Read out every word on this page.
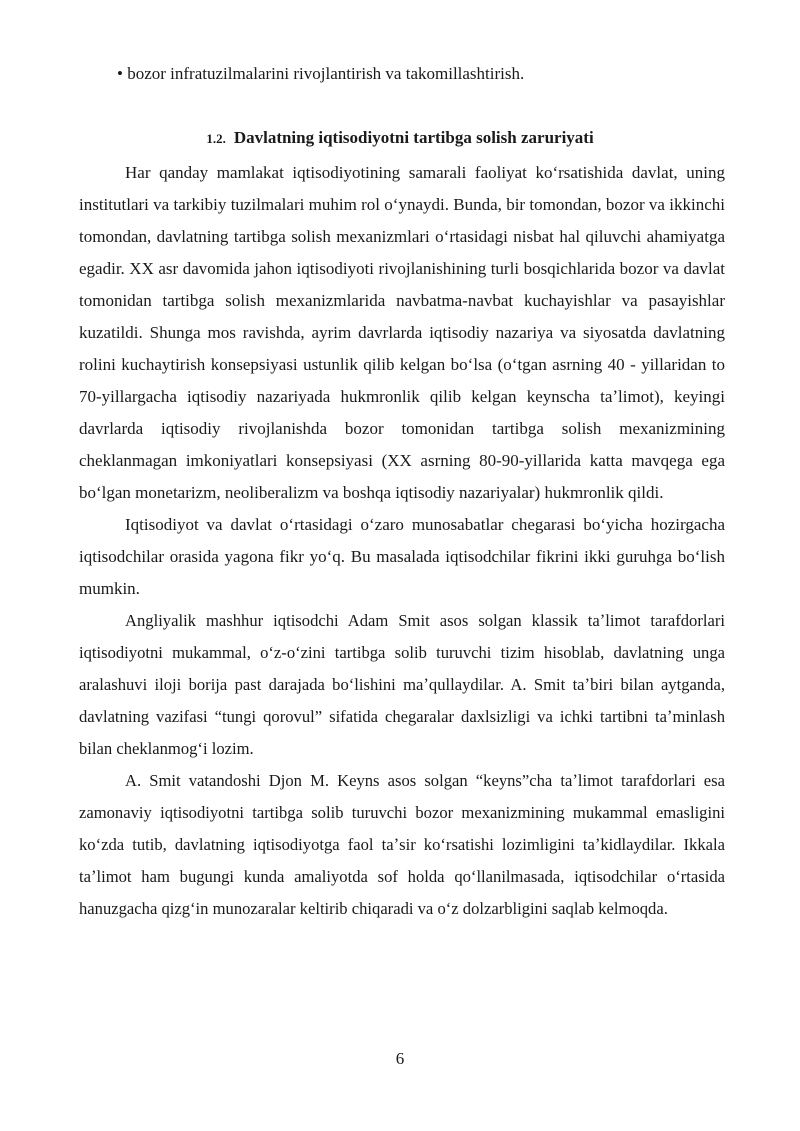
• bozor infratuzilmalarini rivojlantirish va takomillashtirish.
1.2. Davlatning iqtisodiyotni tartibga solish zaruriyati

Har qanday mamlakat iqtisodiyotining samarali faoliyat koʻrsatishida davlat, uning institutlari va tarkibiy tuzilmalari muhim rol oʻynaydi. Bunda, bir tomondan, bozor va ikkinchi tomondan, davlatning tartibga solish mexanizmlari oʻrtasidagi nisbat hal qiluvchi ahamiyatga egadir. XX asr davomida jahon iqtisodiyoti rivojlanishining turli bosqichlarida bozor va davlat tomonidan tartibga solish mexanizmlarida navbatma-navbat kuchayishlar va pasayishlar kuzatildi. Shunga mos ravishda, ayrim davrlarda iqtisodiy nazariya va siyosatda davlatning rolini kuchaytirish konsepsiyasi ustunlik qilib kelgan boʻlsa (oʻtgan asrning 40 - yillaridan to 70-yillargacha iqtisodiy nazariyada hukmronlik qilib kelgan keynscha taʼlimot), keyingi davrlarda iqtisodiy rivojlanishda bozor tomonidan tartibga solish mexanizmining cheklanmagan imkoniyatlari konsepsiyasi (XX asrning 80-90-yillarida katta mavqega ega boʻlgan monetarizm, neoliberalizm va boshqa iqtisodiy nazariyalar) hukmronlik qildi.

Iqtisodiyot va davlat oʻrtasidagi oʻzaro munosabatlar chegarasi boʻyicha hozirgacha iqtisodchilar orasida yagona fikr yoʻq. Bu masalada iqtisodchilar fikrini ikki guruhga boʻlish mumkin.

Angliyalik mashhur iqtisodchi Adam Smit asos solgan klassik taʼlimot tarafdorlari iqtisodiyotni mukammal, oʻz-oʻzini tartibga solib turuvchi tizim hisoblab, davlatning unga aralashuvi iloji borija past darajada boʻlishini maʼqullaydilar. A. Smit taʼbiri bilan aytganda, davlatning vazifasi “tungi qorovul” sifatida chegaralar daxlsizligi va ichki tartibni taʼminlash bilan cheklanmogʻi lozim.

A. Smit vatandoshi Djon M. Keyns asos solgan “keyns”cha taʼlimot tarafdorlari esa zamonaviy iqtisodiyotni tartibga solib turuvchi bozor mexanizmining mukammal emasligini koʻzda tutib, davlatning iqtisodiyotga faol taʼsir koʻrsatishi lozimligini taʼkidlaydilar. Ikkala taʼlimot ham bugungi kunda amaliyotda sof holda qoʻllanilmasada, iqtisodchilar oʻrtasida hanuzgacha qizgʻin munozaralar keltirib chiqaradi va oʻz dolzarbligini saqlab kelmoqda.

6
